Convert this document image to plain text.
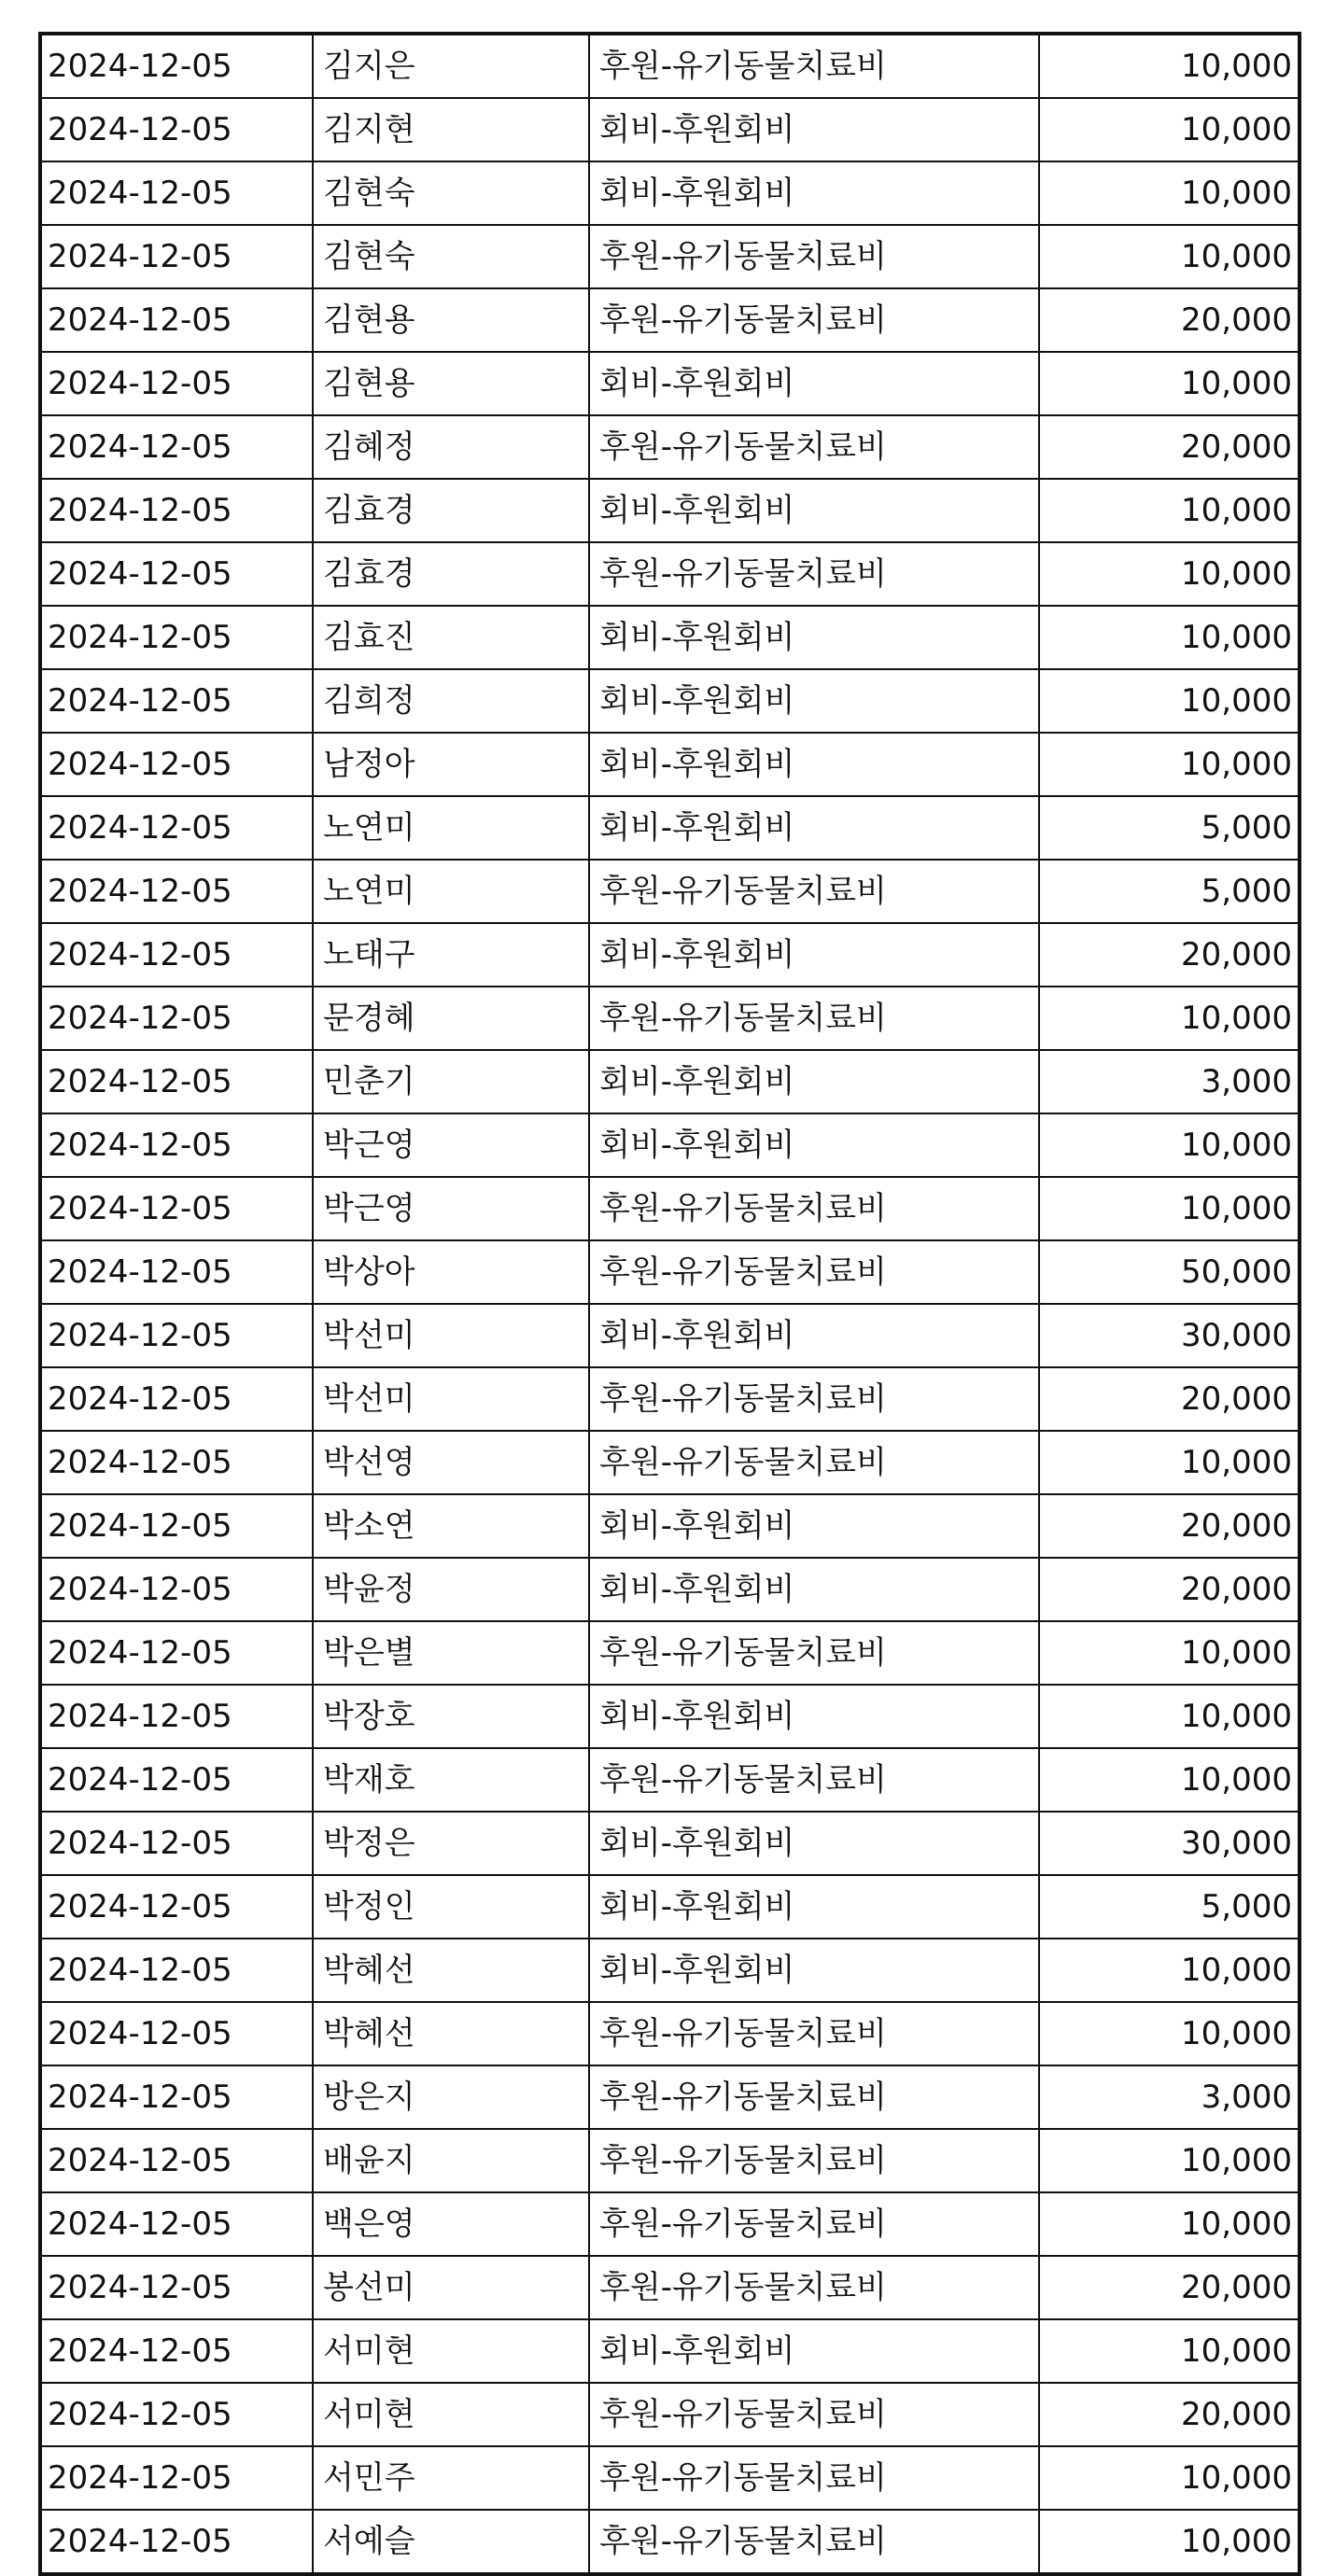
2024-12-05	김지은	후원-유기동물치료비	10,000
2024-12-05	김지현	회비-후원회비	10,000
2024-12-05	김현숙	회비-후원회비	10,000
2024-12-05	김현숙	후원-유기동물치료비	10,000
2024-12-05	김현용	후원-유기동물치료비	20,000
2024-12-05	김현용	회비-후원회비	10,000
2024-12-05	김혜정	후원-유기동물치료비	20,000
2024-12-05	김효경	회비-후원회비	10,000
2024-12-05	김효경	후원-유기동물치료비	10,000
2024-12-05	김효진	회비-후원회비	10,000
2024-12-05	김희정	회비-후원회비	10,000
2024-12-05	남정아	회비-후원회비	10,000
2024-12-05	노연미	회비-후원회비	5,000
2024-12-05	노연미	후원-유기동물치료비	5,000
2024-12-05	노태구	회비-후원회비	20,000
2024-12-05	문경혜	후원-유기동물치료비	10,000
2024-12-05	민춘기	회비-후원회비	3,000
2024-12-05	박근영	회비-후원회비	10,000
2024-12-05	박근영	후원-유기동물치료비	10,000
2024-12-05	박상아	후원-유기동물치료비	50,000
2024-12-05	박선미	회비-후원회비	30,000
2024-12-05	박선미	후원-유기동물치료비	20,000
2024-12-05	박선영	후원-유기동물치료비	10,000
2024-12-05	박소연	회비-후원회비	20,000
2024-12-05	박윤정	회비-후원회비	20,000
2024-12-05	박은별	후원-유기동물치료비	10,000
2024-12-05	박장호	회비-후원회비	10,000
2024-12-05	박재호	후원-유기동물치료비	10,000
2024-12-05	박정은	회비-후원회비	30,000
2024-12-05	박정인	회비-후원회비	5,000
2024-12-05	박혜선	회비-후원회비	10,000
2024-12-05	박혜선	후원-유기동물치료비	10,000
2024-12-05	방은지	후원-유기동물치료비	3,000
2024-12-05	배윤지	후원-유기동물치료비	10,000
2024-12-05	백은영	후원-유기동물치료비	10,000
2024-12-05	봉선미	후원-유기동물치료비	20,000
2024-12-05	서미현	회비-후원회비	10,000
2024-12-05	서미현	후원-유기동물치료비	20,000
2024-12-05	서민주	후원-유기동물치료비	10,000
2024-12-05	서예슬	후원-유기동물치료비	10,000
